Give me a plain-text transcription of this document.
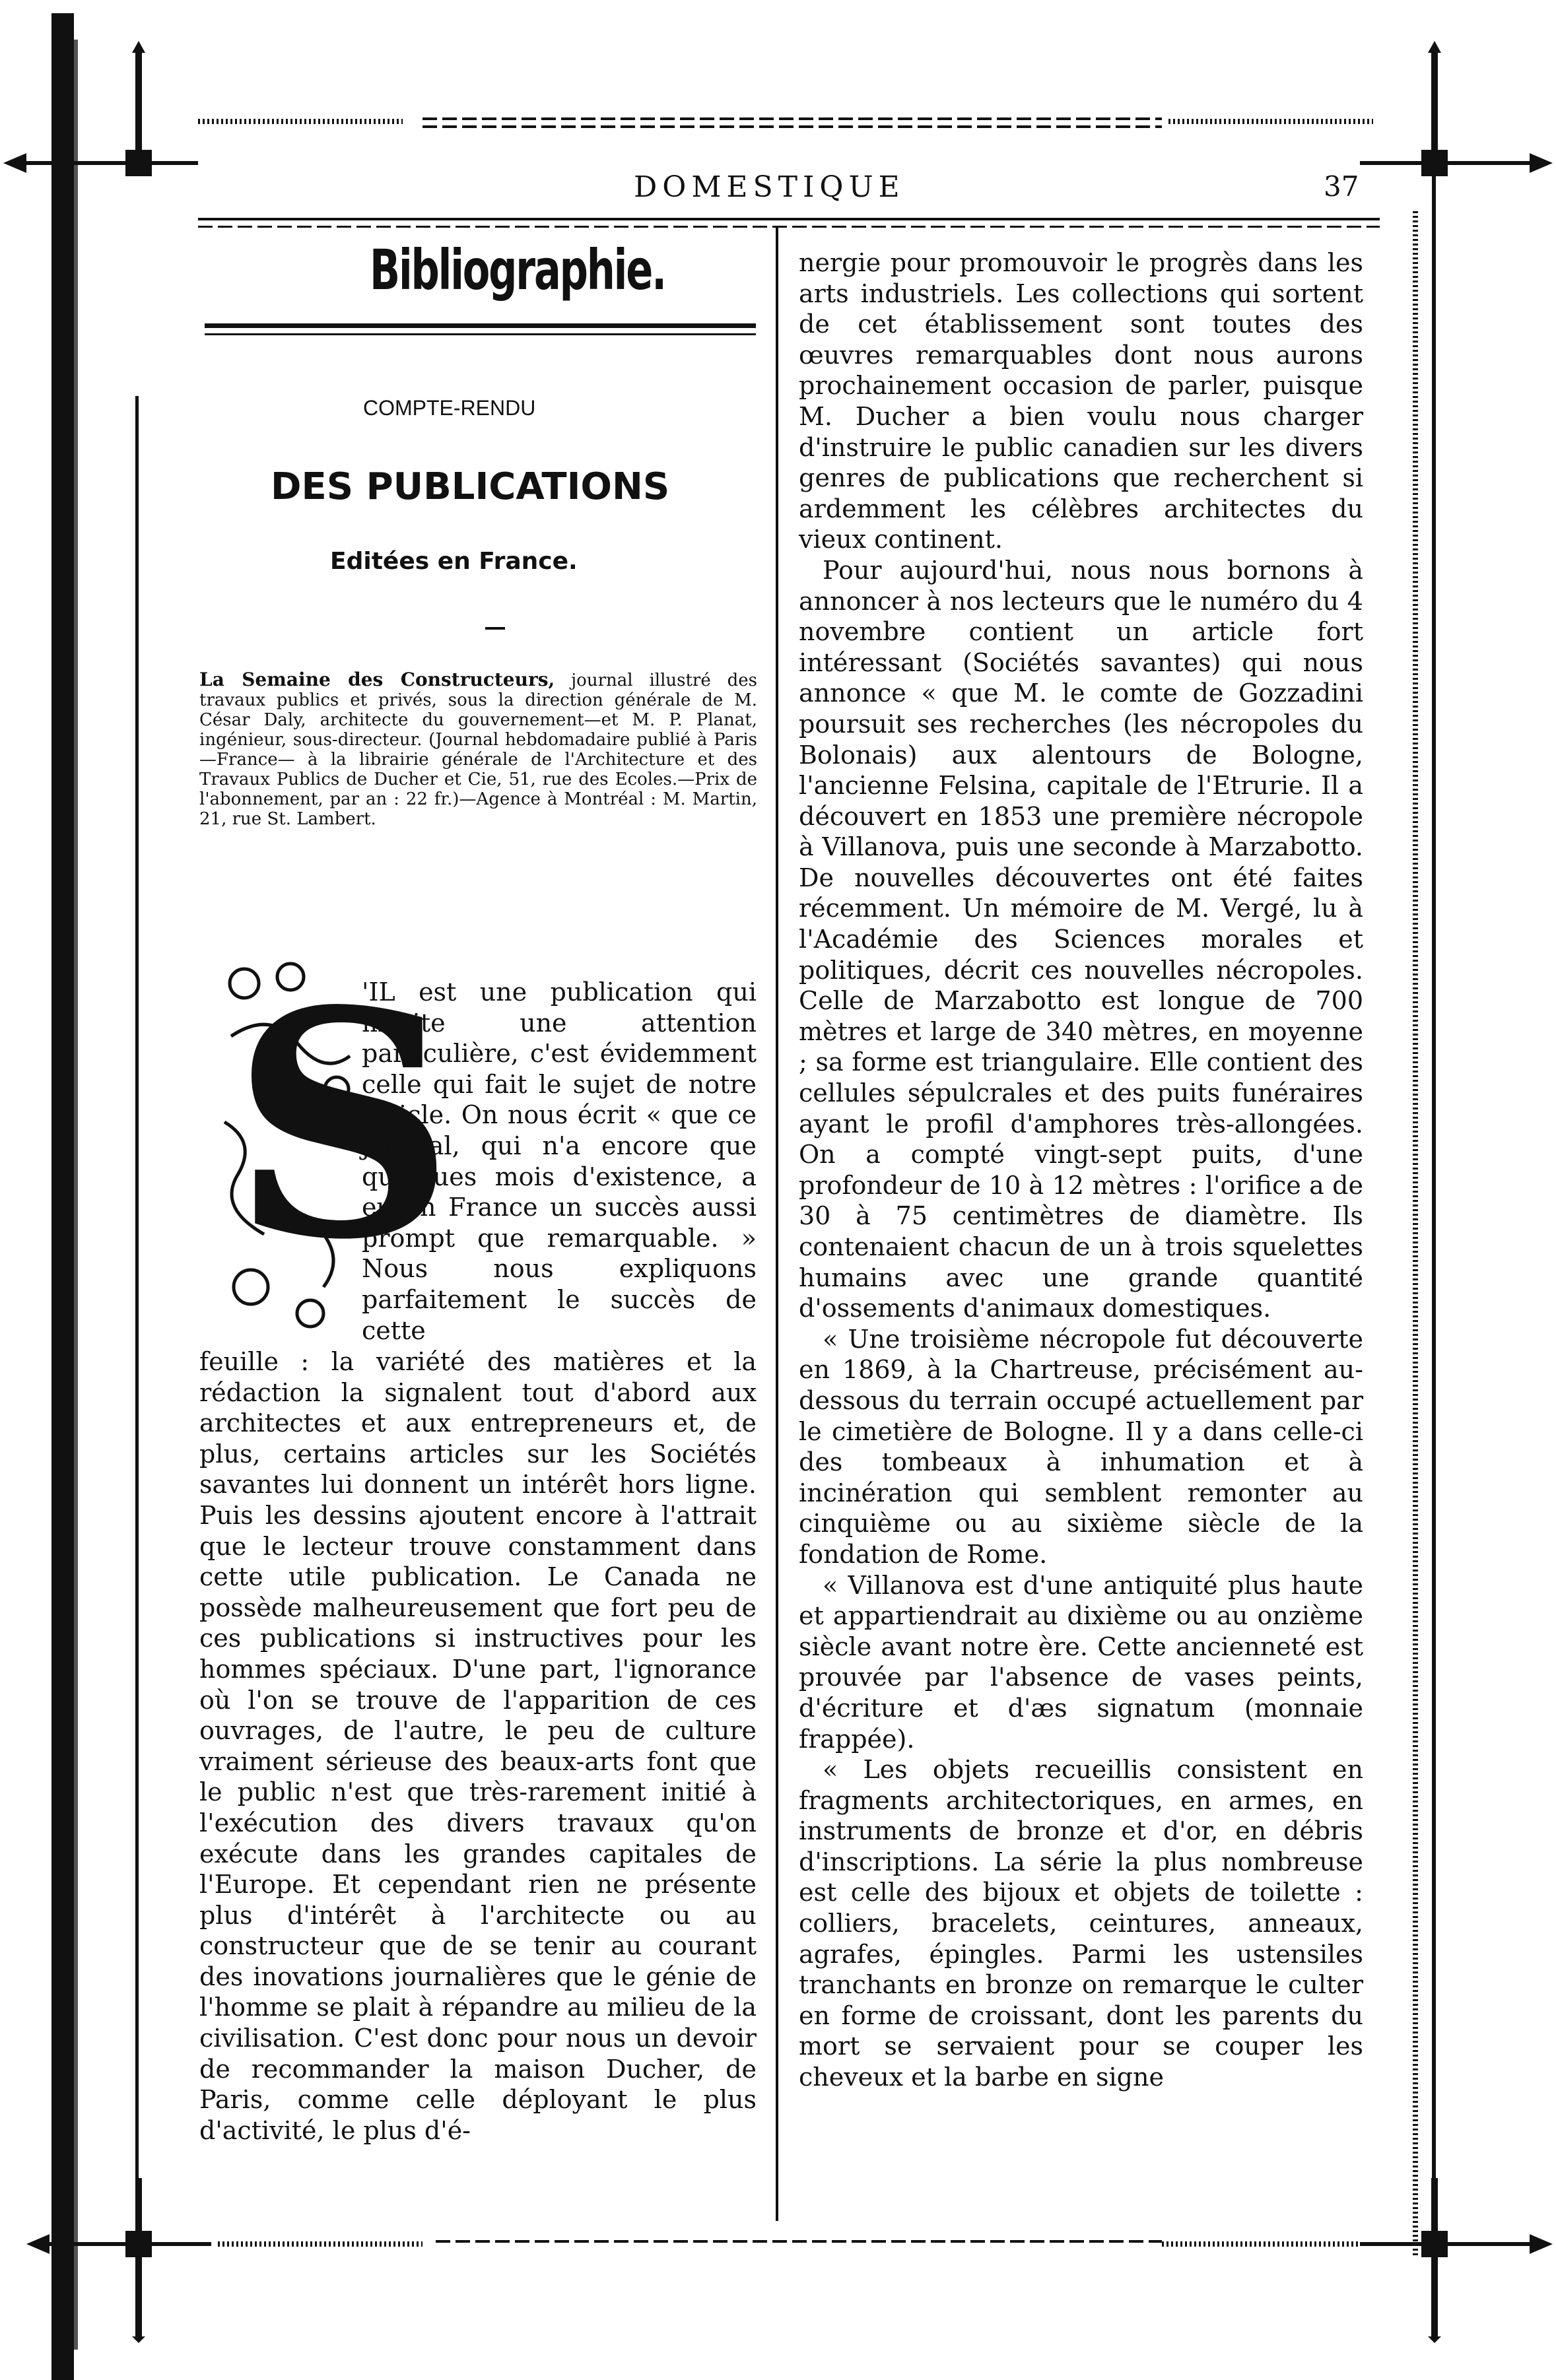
DOMESTIQUE	37
Bibliographie.
COMPTE-RENDU
DES PUBLICATIONS
Editées en France.
La Semaine des Constructeurs, journal illustré des travaux publics et privés, sous la direction générale de M. César Daly, architecte du gouvernement—et M. P. Planat, ingénieur, sous-directeur. (Journal hebdomadaire publié à Paris —France— à la librairie générale de l'Architecture et des Travaux Publics de Ducher et Cie, 51, rue des Ecoles.—Prix de l'abonnement, par an : 22 fr.)—Agence à Montréal : M. Martin, 21, rue St. Lambert.
S
'IL est une publication qui mérite une attention particulière, c'est évidemment celle qui fait le sujet de notre article. On nous écrit « que ce journal, qui n'a encore que quelques mois d'existence, a eu en France un succès aussi prompt que remarquable. » Nous nous expliquons parfaitement le succès de cette
feuille : la variété des matières et la rédaction la signalent tout d'abord aux architectes et aux entrepreneurs et, de plus, certains articles sur les Sociétés savantes lui donnent un intérêt hors ligne. Puis les dessins ajoutent encore à l'attrait que le lecteur trouve constamment dans cette utile publication. Le Canada ne possède malheureusement que fort peu de ces publications si instructives pour les hommes spéciaux. D'une part, l'ignorance où l'on se trouve de l'apparition de ces ouvrages, de l'autre, le peu de culture vraiment sérieuse des beaux-arts font que le public n'est que très-rarement initié à l'exécution des divers travaux qu'on exécute dans les grandes capitales de l'Europe. Et cependant rien ne présente plus d'intérêt à l'architecte ou au constructeur que de se tenir au courant des inovations journalières que le génie de l'homme se plait à répandre au milieu de la civilisation. C'est donc pour nous un devoir de recommander la maison Ducher, de Paris, comme celle déployant le plus d'activité, le plus d'é-

nergie pour promouvoir le progrès dans les arts industriels. Les collections qui sortent de cet établissement sont toutes des œuvres remarquables dont nous aurons prochainement occasion de parler, puisque M. Ducher a bien voulu nous charger d'instruire le public canadien sur les divers genres de publications que recherchent si ardemment les célèbres architectes du vieux continent.

Pour aujourd'hui, nous nous bornons à annoncer à nos lecteurs que le numéro du 4 novembre contient un article fort intéressant (Sociétés savantes) qui nous annonce « que M. le comte de Gozzadini poursuit ses recherches (les nécropoles du Bolonais) aux alentours de Bologne, l'ancienne Felsina, capitale de l'Etrurie. Il a découvert en 1853 une première nécropole à Villanova, puis une seconde à Marzabotto. De nouvelles découvertes ont été faites récemment. Un mémoire de M. Vergé, lu à l'Académie des Sciences morales et politiques, décrit ces nouvelles nécropoles. Celle de Marzabotto est longue de 700 mètres et large de 340 mètres, en moyenne ; sa forme est triangulaire. Elle contient des cellules sépulcrales et des puits funéraires ayant le profil d'amphores très-allongées. On a compté vingt-sept puits, d'une profondeur de 10 à 12 mètres : l'orifice a de 30 à 75 centimètres de diamètre. Ils contenaient chacun de un à trois squelettes humains avec une grande quantité d'ossements d'animaux domestiques.

« Une troisième nécropole fut découverte en 1869, à la Chartreuse, précisément au-dessous du terrain occupé actuellement par le cimetière de Bologne. Il y a dans celle-ci des tombeaux à inhumation et à incinération qui semblent remonter au cinquième ou au sixième siècle de la fondation de Rome.

« Villanova est d'une antiquité plus haute et appartiendrait au dixième ou au onzième siècle avant notre ère. Cette ancienneté est prouvée par l'absence de vases peints, d'écriture et d'æs signatum (monnaie frappée).

« Les objets recueillis consistent en fragments architectoriques, en armes, en instruments de bronze et d'or, en débris d'inscriptions. La série la plus nombreuse est celle des bijoux et objets de toilette : colliers, bracelets, ceintures, anneaux, agrafes, épingles. Parmi les ustensiles tranchants en bronze on remarque le culter en forme de croissant, dont les parents du mort se servaient pour se couper les cheveux et la barbe en signe
